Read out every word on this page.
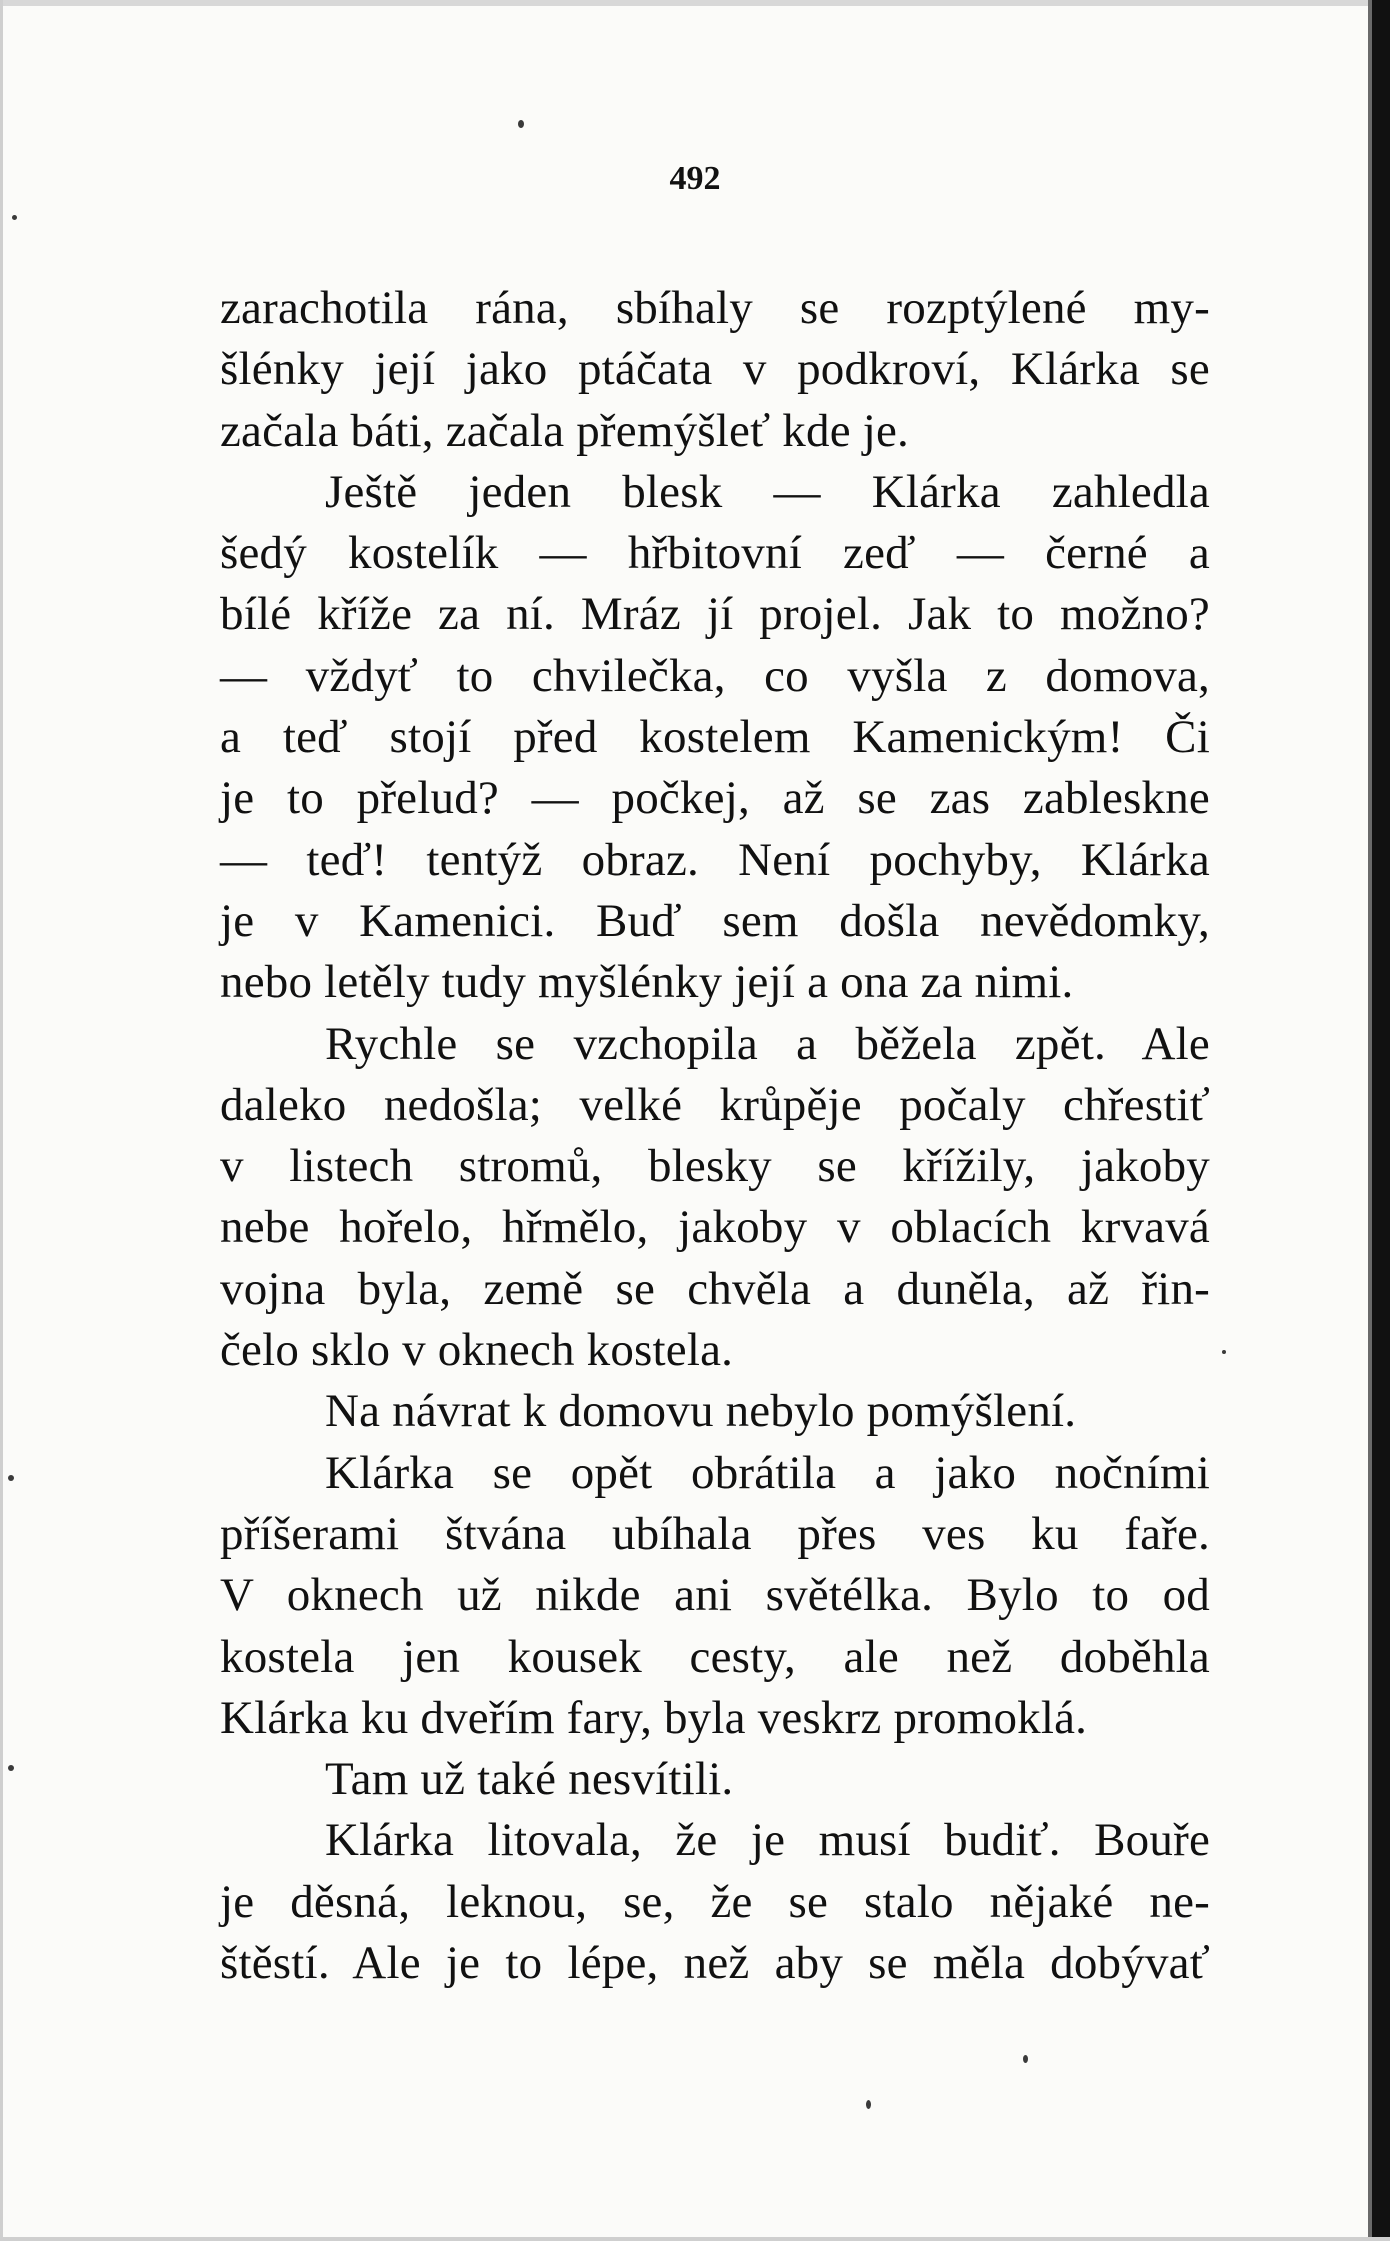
492
zarachotila rána, sbíhaly se rozptýlené my-
šlénky její jako ptáčata v podkroví, Klárka se
začala báti, začala přemýšleť kde je.
Ještě jeden blesk — Klárka zahledla
šedý kostelík — hřbitovní zeď — černé a
bílé kříže za ní. Mráz jí projel. Jak to možno?
— vždyť to chvilečka, co vyšla z domova,
a teď stojí před kostelem Kamenickým! Či
je to přelud? — počkej, až se zas zableskne
— teď! tentýž obraz. Není pochyby, Klárka
je v Kamenici. Buď sem došla nevědomky,
nebo letěly tudy myšlénky její a ona za nimi.
Rychle se vzchopila a běžela zpět. Ale
daleko nedošla; velké krůpěje počaly chřestiť
v listech stromů, blesky se křížily, jakoby
nebe hořelo, hřmělo, jakoby v oblacích krvavá
vojna byla, země se chvěla a duněla, až řin-
čelo sklo v oknech kostela.
Na návrat k domovu nebylo pomýšlení.
Klárka se opět obrátila a jako nočními
příšerami štvána ubíhala přes ves ku faře.
V oknech už nikde ani světélka. Bylo to od
kostela jen kousek cesty, ale než doběhla
Klárka ku dveřím fary, byla veskrz promoklá.
Tam už také nesvítili.
Klárka litovala, že je musí budiť. Bouře
je děsná, leknou, se, že se stalo nějaké ne-
štěstí. Ale je to lépe, než aby se měla dobývať
